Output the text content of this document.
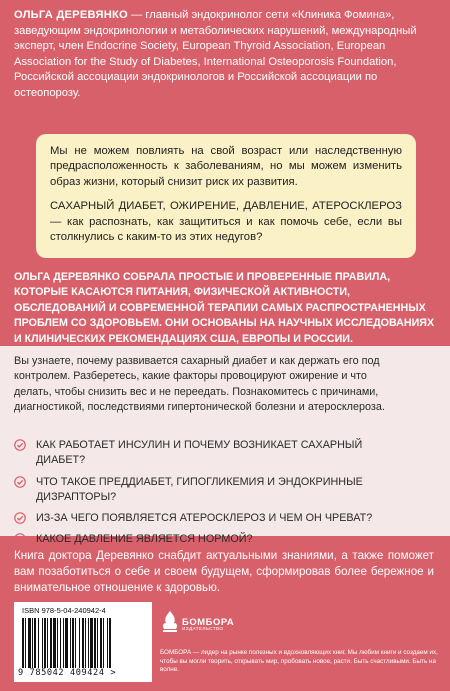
ОЛЬГА ДЕРЕВЯНКО — главный эндокринолог сети «Клиника Фомина», заведующим эндокринологии и метаболических нарушений, международный эксперт, член Endocrine Society, European Thyroid Association, European Association for the Study of Diabetes, International Osteoporosis Foundation, Российской ассоциации эндокринологов и Российской ассоциации по остеопорозу.

Мы не можем повлиять на свой возраст или наследственную предрасположенность к заболеваниям, но мы можем изменить образ жизни, который снизит риск их развития.

САХАРНЫЙ ДИАБЕТ, ОЖИРЕНИЕ, ДАВЛЕНИЕ, АТЕРОСКЛЕРОЗ — как распознать, как защититься и как помочь себе, если вы столкнулись с каким-то из этих недугов?

ОЛЬГА ДЕРЕВЯНКО СОБРАЛА ПРОСТЫЕ И ПРОВЕРЕННЫЕ ПРАВИЛА, КОТОРЫЕ КАСАЮТСЯ ПИТАНИЯ, ФИЗИЧЕСКОЙ АКТИВНОСТИ, ОБСЛЕДОВАНИЙ И СОВРЕМЕННОЙ ТЕРАПИИ САМЫХ РАСПРОСТРАНЕННЫХ ПРОБЛЕМ СО ЗДОРОВЬЕМ. ОНИ ОСНОВАНЫ НА НАУЧНЫХ ИССЛЕДОВАНИЯХ И КЛИНИЧЕСКИХ РЕКОМЕНДАЦИЯХ США, ЕВРОПЫ И РОССИИ.
Вы узнаете, почему развивается сахарный диабет и как держать его под контролем. Разберетесь, какие факторы провоцируют ожирение и что делать, чтобы снизить вес и не переедать. Познакомитесь с причинами, диагностикой, последствиями гипертонической болезни и атеросклероза.
КАК РАБОТАЕТ ИНСУЛИН И ПОЧЕМУ ВОЗНИКАЕТ САХАРНЫЙ ДИАБЕТ?
ЧТО ТАКОЕ ПРЕДДИАБЕТ, ГИПОГЛИКЕМИЯ И ЭНДОКРИННЫЕ ДИЗРАПТОРЫ?
ИЗ-ЗА ЧЕГО ПОЯВЛЯЕТСЯ АТЕРОСКЛЕРОЗ И ЧЕМ ОН ЧРЕВАТ?
КАКОЕ ДАВЛЕНИЕ ЯВЛЯЕТСЯ НОРМОЙ?
Книга доктора Деревянко снабдит актуальными знаниями, а также поможет вам позаботиться о себе и своем будущем, сформировав более бережное и внимательное отношение к здоровью.
ISBN 978-5-04-240942-4
9 785042 409424 >
БОМБОРА
ИЗДАТЕЛЬСТВО
БОМБОРА — лидер на рынке полезных и вдохновляющих книг. Мы любим книги и создаем их, чтобы вы могли творить, открывать мир, пробовать новое, расти. Быть счастливыми. Быть на волне.
